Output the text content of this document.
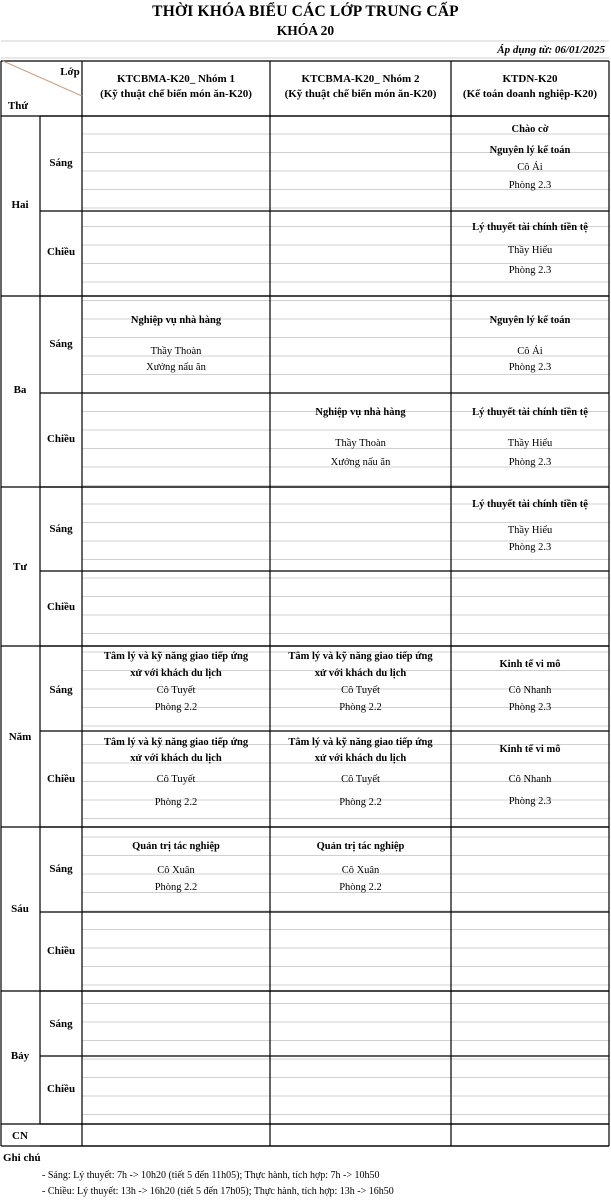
THỜI KHÓA BIỂU CÁC LỚP TRUNG CẤP
KHÓA 20
Áp dụng từ: 06/01/2025
Lớp
Thứ
KTCBMA-K20_ Nhóm 1
(Kỹ thuật chế biến món ăn-K20)
KTCBMA-K20_ Nhóm 2
(Kỹ thuật chế biến món ăn-K20)
KTDN-K20
(Kế toán doanh nghiệp-K20)
Hai
Ba
Tư
Năm
Sáu
Bảy
CN
Sáng
Chiều
Sáng
Chiều
Sáng
Chiều
Sáng
Chiều
Sáng
Chiều
Sáng
Chiều
Chào cờ
Nguyên lý kế toán
Cô Ái
Phòng 2.3
Lý thuyết tài chính tiền tệ
Thầy Hiếu
Phòng 2.3
Nghiệp vụ nhà hàng
Thầy Thoàn
Xưởng nấu ăn
Nguyên lý kế toán
Cô Ái
Phòng 2.3
Nghiệp vụ nhà hàng
Thầy Thoàn
Xưởng nấu ăn
Lý thuyết tài chính tiền tệ
Thầy Hiếu
Phòng 2.3
Lý thuyết tài chính tiền tệ
Thầy Hiếu
Phòng 2.3
Tâm lý và kỹ năng giao tiếp ứng
xử với khách du lịch
Cô Tuyết
Phòng 2.2
Tâm lý và kỹ năng giao tiếp ứng
xử với khách du lịch
Cô Tuyết
Phòng 2.2
Kinh tế vi mô
Cô Nhanh
Phòng 2.3
Tâm lý và kỹ năng giao tiếp ứng
xử với khách du lịch
Cô Tuyết
Phòng 2.2
Tâm lý và kỹ năng giao tiếp ứng
xử với khách du lịch
Cô Tuyết
Phòng 2.2
Kinh tế vi mô
Cô Nhanh
Phòng 2.3
Quản trị tác nghiệp
Cô Xuân
Phòng 2.2
Quản trị tác nghiệp
Cô Xuân
Phòng 2.2
Ghi chú
- Sáng: Lý thuyết: 7h -> 10h20 (tiết 5 đến 11h05); Thực hành, tích hợp: 7h -> 10h50
- Chiều: Lý thuyết: 13h -> 16h20 (tiết 5 đến 17h05); Thực hành, tích hợp: 13h -> 16h50
